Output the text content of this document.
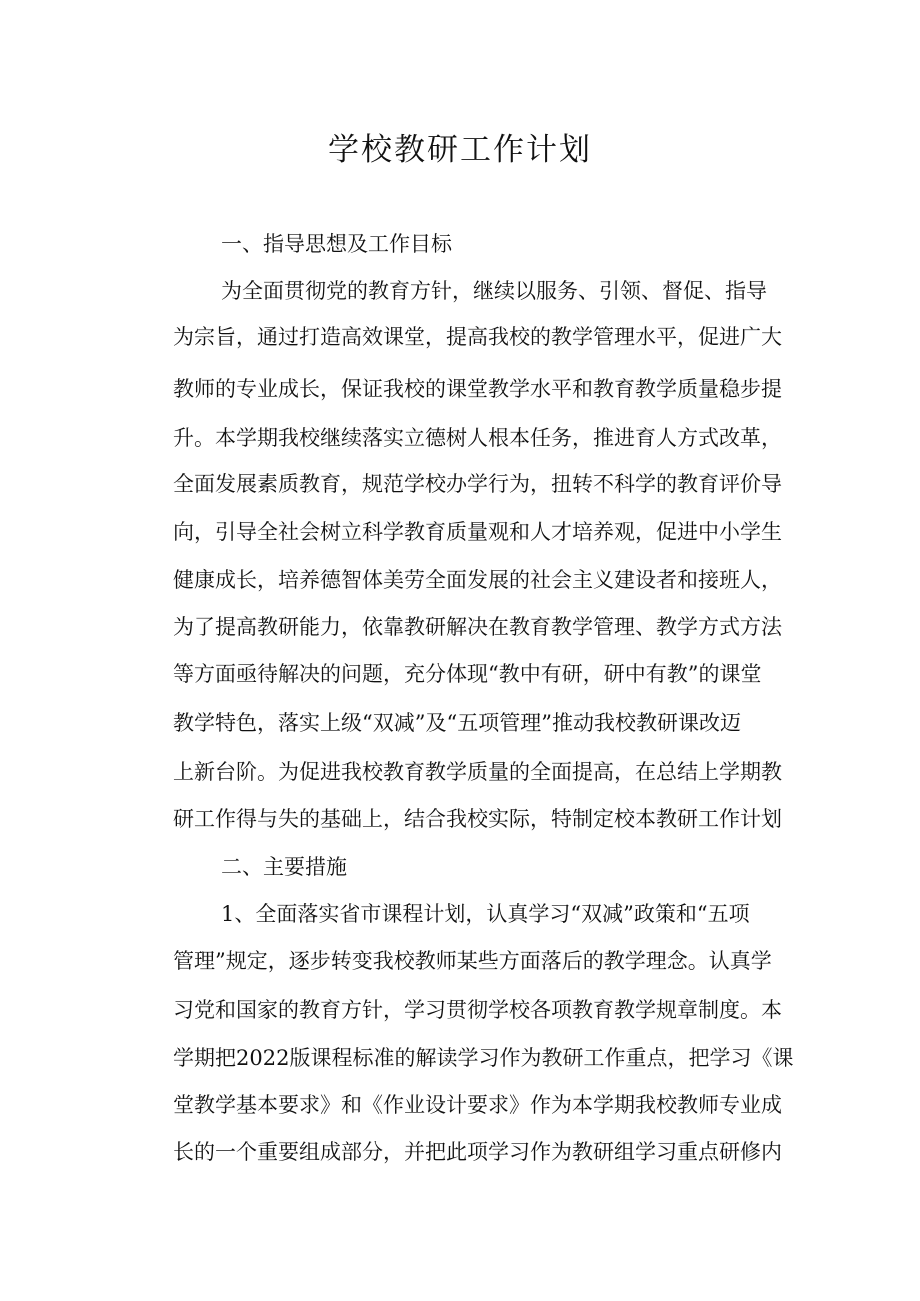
学校教研工作计划

一、指导思想及工作目标

为全面贯彻党的教育方针，继续以服务、引领、督促、指导

为宗旨，通过打造高效课堂，提高我校的教学管理水平，促进广大

教师的专业成长，保证我校的课堂教学水平和教育教学质量稳步提

升。本学期我校继续落实立德树人根本任务，推进育人方式改革，

全面发展素质教育，规范学校办学行为，扭转不科学的教育评价导

向，引导全社会树立科学教育质量观和人才培养观，促进中小学生

健康成长，培养德智体美劳全面发展的社会主义建设者和接班人，

为了提高教研能力，依靠教研解决在教育教学管理、教学方式方法

等方面亟待解决的问题，充分体现“教中有研，研中有教”的课堂

教学特色，落实上级“双减”及“五项管理”推动我校教研课改迈

上新台阶。为促进我校教育教学质量的全面提高，在总结上学期教

研工作得与失的基础上，结合我校实际，特制定校本教研工作计划

二、主要措施

1、全面落实省市课程计划，认真学习“双减”政策和“五项

管理”规定，逐步转变我校教师某些方面落后的教学理念。认真学

习党和国家的教育方针，学习贯彻学校各项教育教学规章制度。本

学期把2022版课程标准的解读学习作为教研工作重点，把学习《课

堂教学基本要求》和《作业设计要求》作为本学期我校教师专业成

长的一个重要组成部分，并把此项学习作为教研组学习重点研修内
